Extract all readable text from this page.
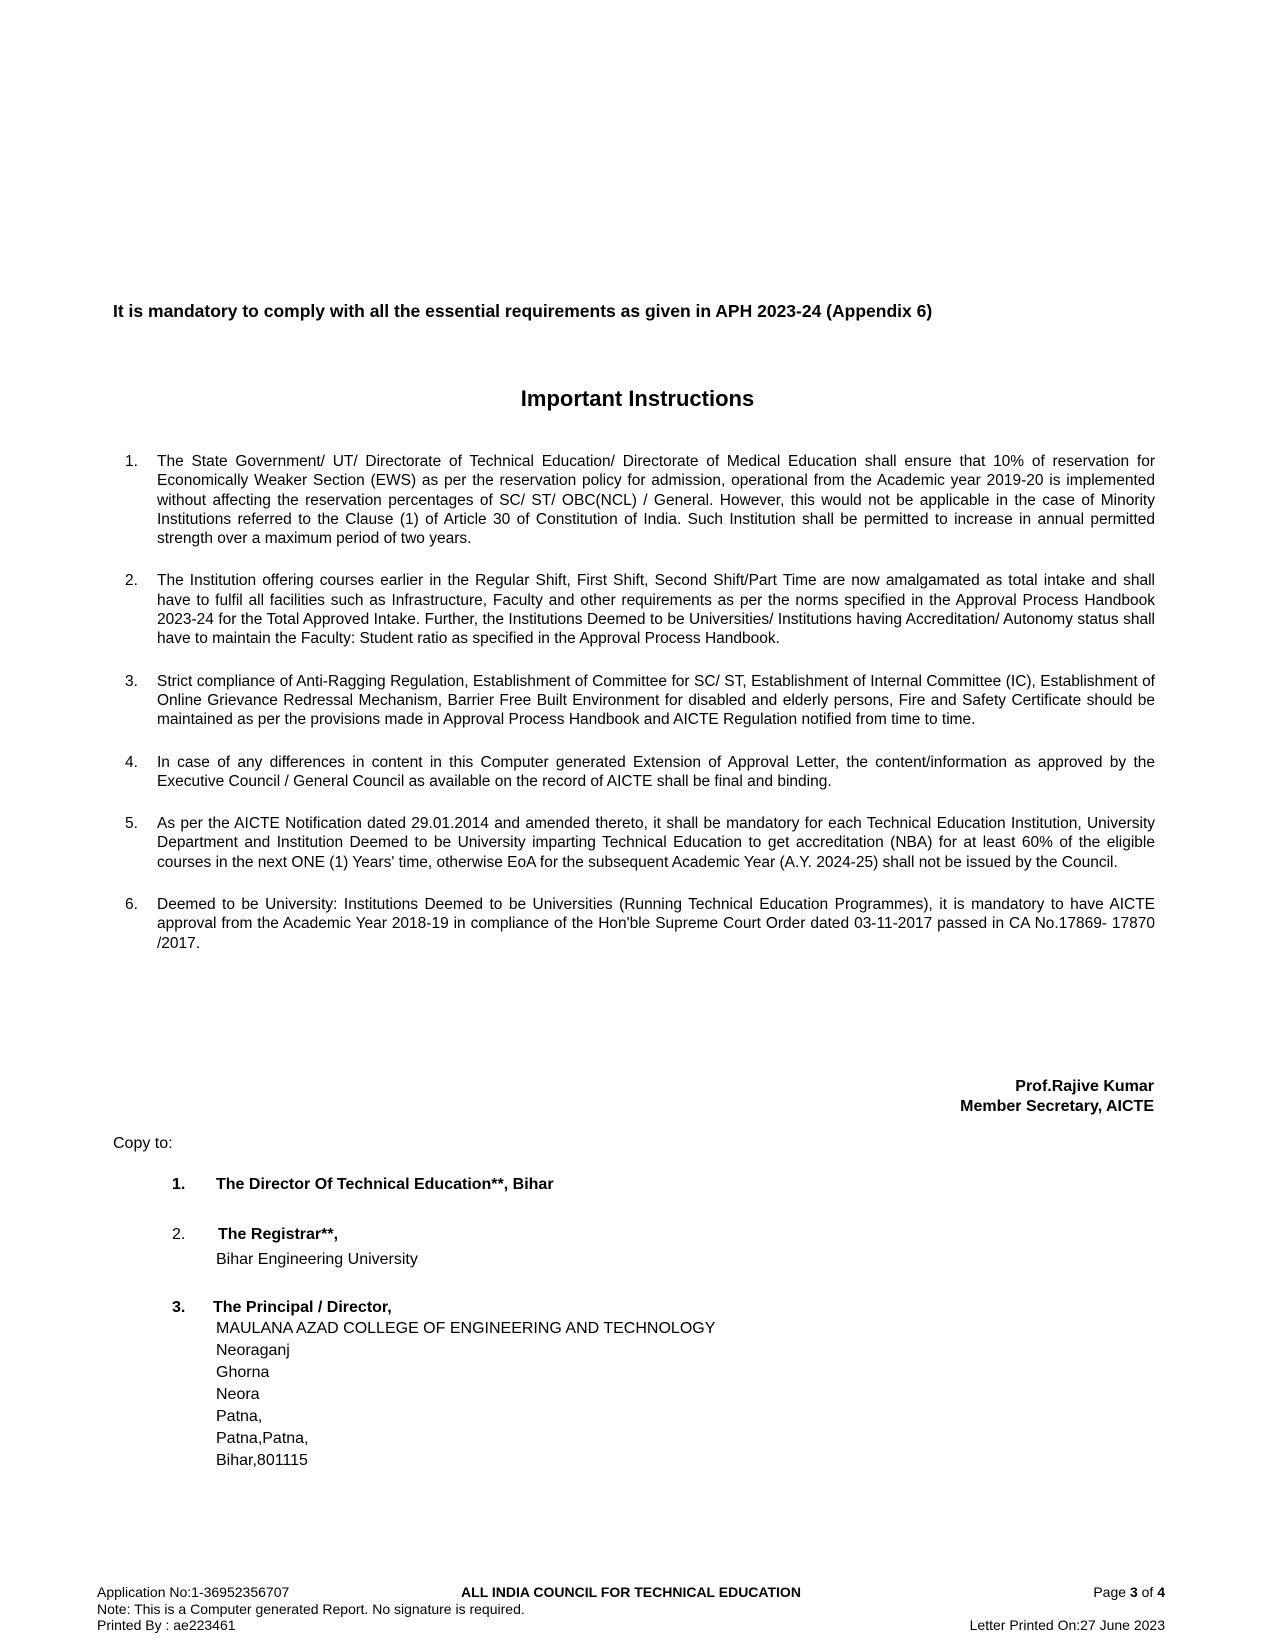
It is mandatory to comply with all the essential requirements as given in APH 2023-24 (Appendix 6)
Important Instructions
1.	The State Government/ UT/ Directorate of Technical Education/ Directorate of Medical Education shall ensure that 10% of reservation for Economically Weaker Section (EWS) as per the reservation policy for admission, operational from the Academic year 2019-20 is implemented without affecting the reservation percentages of SC/ ST/ OBC(NCL) / General. However, this would not be applicable in the case of Minority Institutions referred to the Clause (1) of Article 30 of Constitution of India. Such Institution shall be permitted to increase in annual permitted strength over a maximum period of two years.
2.	The Institution offering courses earlier in the Regular Shift, First Shift, Second Shift/Part Time are now amalgamated as total intake and shall have to fulfil all facilities such as Infrastructure, Faculty and other requirements as per the norms specified in the Approval Process Handbook 2023-24 for the Total Approved Intake. Further, the Institutions Deemed to be Universities/ Institutions having Accreditation/ Autonomy status shall have to maintain the Faculty: Student ratio as specified in the Approval Process Handbook.
3.	Strict compliance of Anti-Ragging Regulation, Establishment of Committee for SC/ ST, Establishment of Internal Committee (IC), Establishment of Online Grievance Redressal Mechanism, Barrier Free Built Environment for disabled and elderly persons, Fire and Safety Certificate should be maintained as per the provisions made in Approval Process Handbook and AICTE Regulation notified from time to time.
4.	In case of any differences in content in this Computer generated Extension of Approval Letter, the content/information as approved by the Executive Council / General Council as available on the record of AICTE shall be final and binding.
5.	As per the AICTE Notification dated 29.01.2014 and amended thereto, it shall be mandatory for each Technical Education Institution, University Department and Institution Deemed to be University imparting Technical Education to get accreditation (NBA) for at least 60% of the eligible courses in the next ONE (1) Years' time, otherwise EoA for the subsequent Academic Year (A.Y. 2024-25) shall not be issued by the Council.
6.	Deemed to be University: Institutions Deemed to be Universities (Running Technical Education Programmes), it is mandatory to have AICTE approval from the Academic Year 2018-19 in compliance of the Hon'ble Supreme Court Order dated 03-11-2017 passed in CA No.17869- 17870 /2017.
Prof.Rajive Kumar
Member Secretary, AICTE
Copy to:
1. The Director Of Technical Education**, Bihar
2. The Registrar**,
Bihar Engineering University
3. The Principal / Director,
MAULANA AZAD COLLEGE OF ENGINEERING AND TECHNOLOGY
Neoraganj
Ghorna
Neora
Patna,
Patna,Patna,
Bihar,801115
Application No:1-36952356707	ALL INDIA COUNCIL FOR TECHNICAL EDUCATION	Page 3 of 4
Note: This is a Computer generated Report. No signature is required.
Printed By : ae223461	Letter Printed On:27 June 2023
